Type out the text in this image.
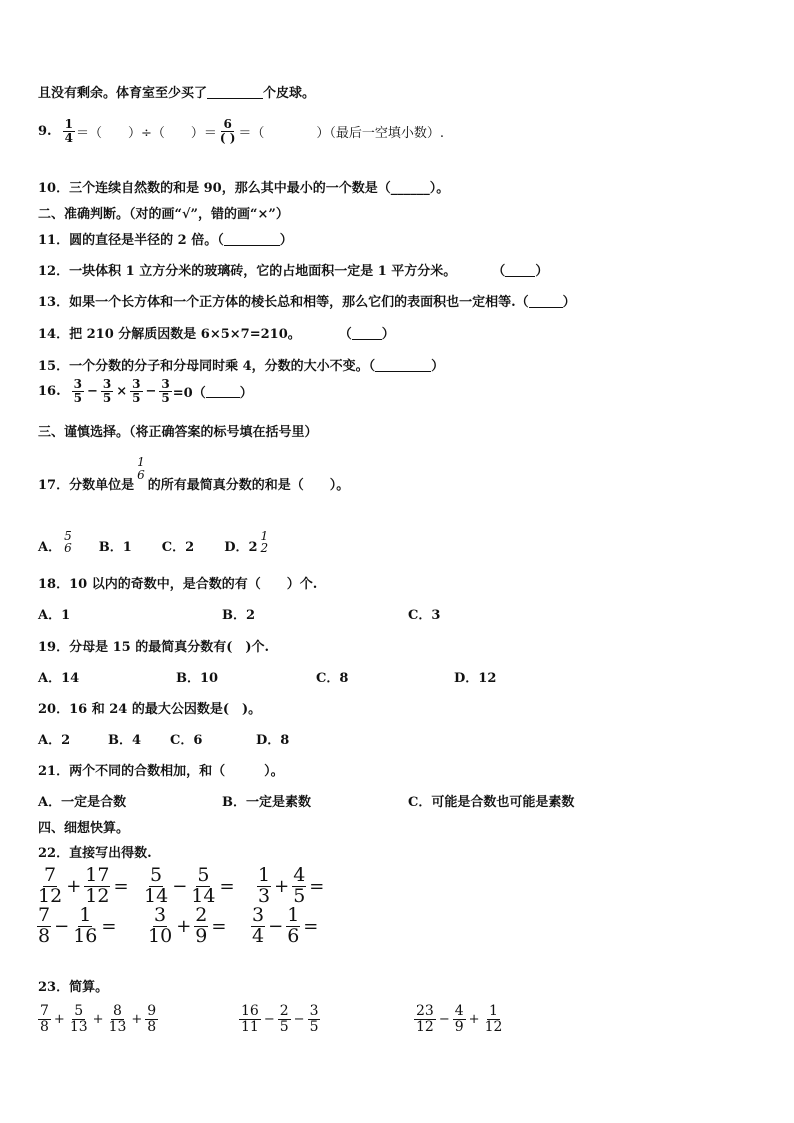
且没有剩余。体育室至少买了	个皮球。
9. $\frac{1}{4}$ ＝（　　）÷（　　）＝ $\frac{6}{( )}$ ＝（　　　　）（最后一空填小数）.
10．三个连续自然数的和是 90，那么其中最小的一个数是（______）。
二、准确判断。（对的画“√”，错的画“×”）
11．圆的直径是半径的 2 倍。（	）
12．一块体积 1 立方分米的玻璃砖，它的占地面积一定是 1 平方分米。	（ ）
13．如果一个长方体和一个正方体的棱长总和相等，那么它们的表面积也一定相等.（	）
14．把 210 分解质因数是 6×5×7=210。	（ ）
15．一个分数的分子和分母同时乘 4，分数的大小不变。（	）
16. $\frac{3}{5} - \frac{3}{5} \times \frac{3}{5} - \frac{3}{5} =0$（	）
三、谨慎选择。（将正确答案的标号填在括号里）
17．分数单位是
1
6
的所有最简真分数的和是（　　）。
A．
5
6 B．1 C．2 D．2
1
2
18．10 以内的奇数中，是合数的有（　　）个.
A．1	B．2	C．3
19．分母是 15 的最简真分数有(　)个.
A．14	B．10	C．8	D．12
20．16 和 24 的最大公因数是(　)。
A．2	B．4 C．6	D．8
21．两个不同的合数相加，和（　　　）。
A．一定是合数	B．一定是素数	C．可能是合数也可能是素数
四、细想快算。
22．直接写出得数.
$\frac{7}{12} + \frac{17}{12} = \frac{5}{14} - \frac{5}{14} = \frac{1}{3} + \frac{4}{5}$ =
$\frac{7}{8} - \frac{1}{16} = \frac{3}{10} + \frac{2}{9} = \frac{3}{4} - \frac{1}{6}$ =
23．简算。
$\frac{7}{8} + \frac{5}{13} + \frac{8}{13} + \frac{9}{8}$	$\frac{16}{11} - \frac{2}{5} - \frac{3}{5}$	$\frac{23}{12} - \frac{4}{9} + \frac{1}{12}$
